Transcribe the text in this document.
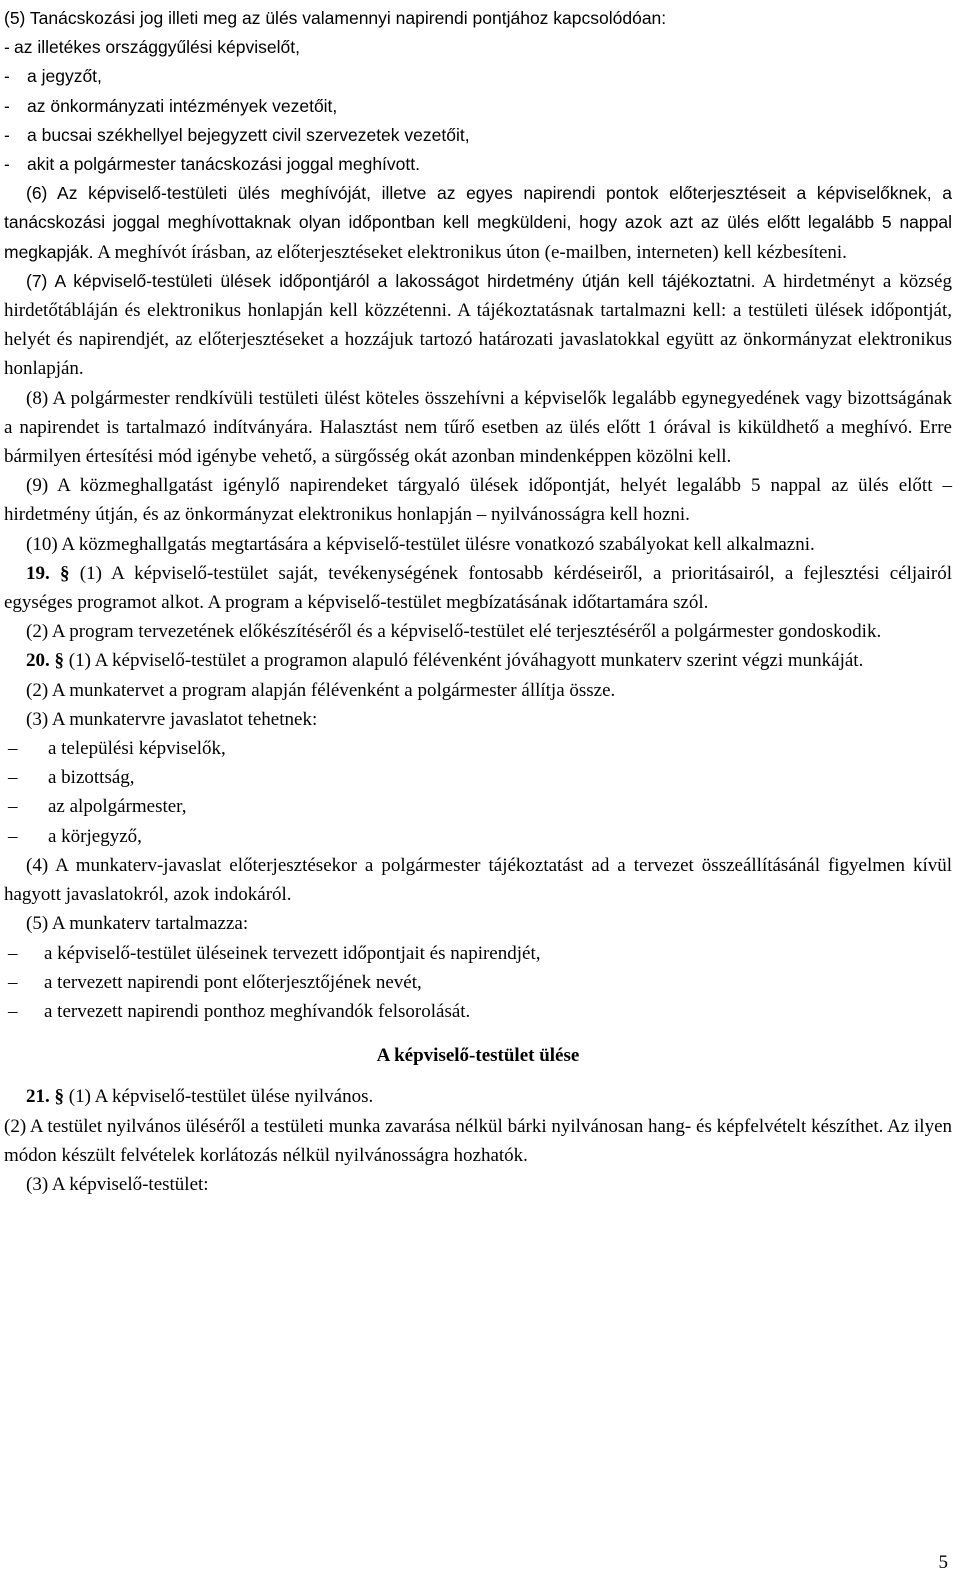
(5) Tanácskozási jog illeti meg az ülés valamennyi napirendi pontjához kapcsolódóan:

- az illetékes országgyűlési képviselőt,

- a jegyzőt,

- az önkormányzati intézmények vezetőit,

- a bucsai székhellyel bejegyzett civil szervezetek vezetőit,

- akit a polgármester tanácskozási joggal meghívott.

(6) Az képviselő-testületi ülés meghívóját, illetve az egyes napirendi pontok előterjesztéseit a képviselőknek, a tanácskozási joggal meghívottaknak olyan időpontban kell megküldeni, hogy azok azt az ülés előtt legalább 5 nappal megkapják. A meghívót írásban, az előterjesztéseket elektronikus úton (e-mailben, interneten) kell kézbesíteni.

(7) A képviselő-testületi ülések időpontjáról a lakosságot hirdetmény útján kell tájékoztatni. A hirdetményt a község hirdetőtábláján és elektronikus honlapján kell közzétenni. A tájékoztatásnak tartalmazni kell: a testületi ülések időpontját, helyét és napirendjét, az előterjesztéseket a hozzájuk tartozó határozati javaslatokkal együtt az önkormányzat elektronikus honlapján.

(8) A polgármester rendkívüli testületi ülést köteles összehívni a képviselők legalább egynegyedének vagy bizottságának a napirendet is tartalmazó indítványára. Halasztást nem tűrő esetben az ülés előtt 1 órával is kiküldhető a meghívó. Erre bármilyen értesítési mód igénybe vehető, a sürgősség okát azonban mindenképpen közölni kell.

(9) A közmeghallgatást igénylő napirendeket tárgyaló ülések időpontját, helyét legalább 5 nappal az ülés előtt – hirdetmény útján, és az önkormányzat elektronikus honlapján – nyilvánosságra kell hozni.

(10) A közmeghallgatás megtartására a képviselő-testület ülésre vonatkozó szabályokat kell alkalmazni.

19. § (1) A képviselő-testület saját, tevékenységének fontosabb kérdéseiről, a prioritásairól, a fejlesztési céljairól egységes programot alkot. A program a képviselő-testület megbízatásának időtartamára szól.

(2) A program tervezetének előkészítéséről és a képviselő-testület elé terjesztéséről a polgármester gondoskodik.

20. § (1) A képviselő-testület a programon alapuló félévenként jóváhagyott munkaterv szerint végzi munkáját.

(2) A munkatervet a program alapján félévenként a polgármester állítja össze.

(3) A munkatervre javaslatot tehetnek:

– a települési képviselők,

– a bizottság,

– az alpolgármester,

– a körjegyző,

(4) A munkaterv-javaslat előterjesztésekor a polgármester tájékoztatást ad a tervezet összeállításánál figyelmen kívül hagyott javaslatokról, azok indokáról.

(5) A munkaterv tartalmazza:

– a képviselő-testület üléseinek tervezett időpontjait és napirendjét,

– a tervezett napirendi pont előterjesztőjének nevét,

– a tervezett napirendi ponthoz meghívandók felsorolását.

A képviselő-testület ülése

21. § (1) A képviselő-testület ülése nyilvános.

(2) A testület nyilvános üléséről a testületi munka zavarása nélkül bárki nyilvánosan hang- és képfelvételt készíthet. Az ilyen módon készült felvételek korlátozás nélkül nyilvánosságra hozhatók.

(3) A képviselő-testület:

5
